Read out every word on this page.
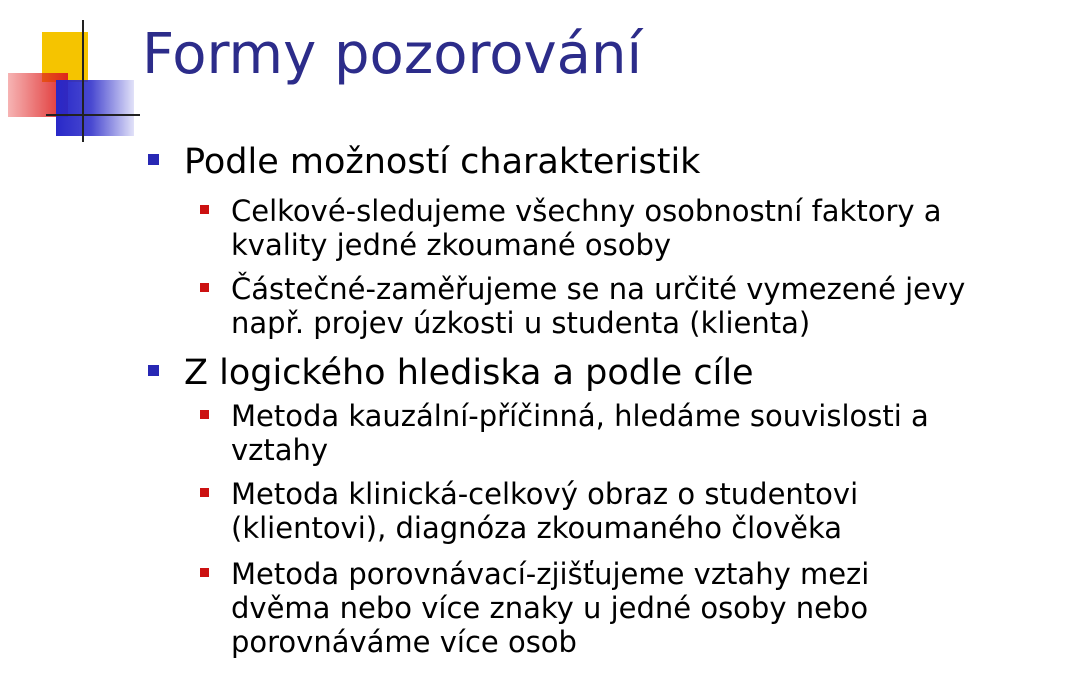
Formy pozorování
Podle možností charakteristik
Celkové-sledujeme všechny osobnostní faktory a
kvality jedné zkoumané osoby
Částečné-zaměřujeme se na určité vymezené jevy
např. projev úzkosti u studenta (klienta)
Z logického hlediska a podle cíle
Metoda kauzální-příčinná, hledáme souvislosti a
vztahy
Metoda klinická-celkový obraz o studentovi
(klientovi), diagnóza zkoumaného člověka
Metoda porovnávací-zjišťujeme vztahy mezi
dvěma nebo více znaky u jedné osoby nebo
porovnáváme více osob
